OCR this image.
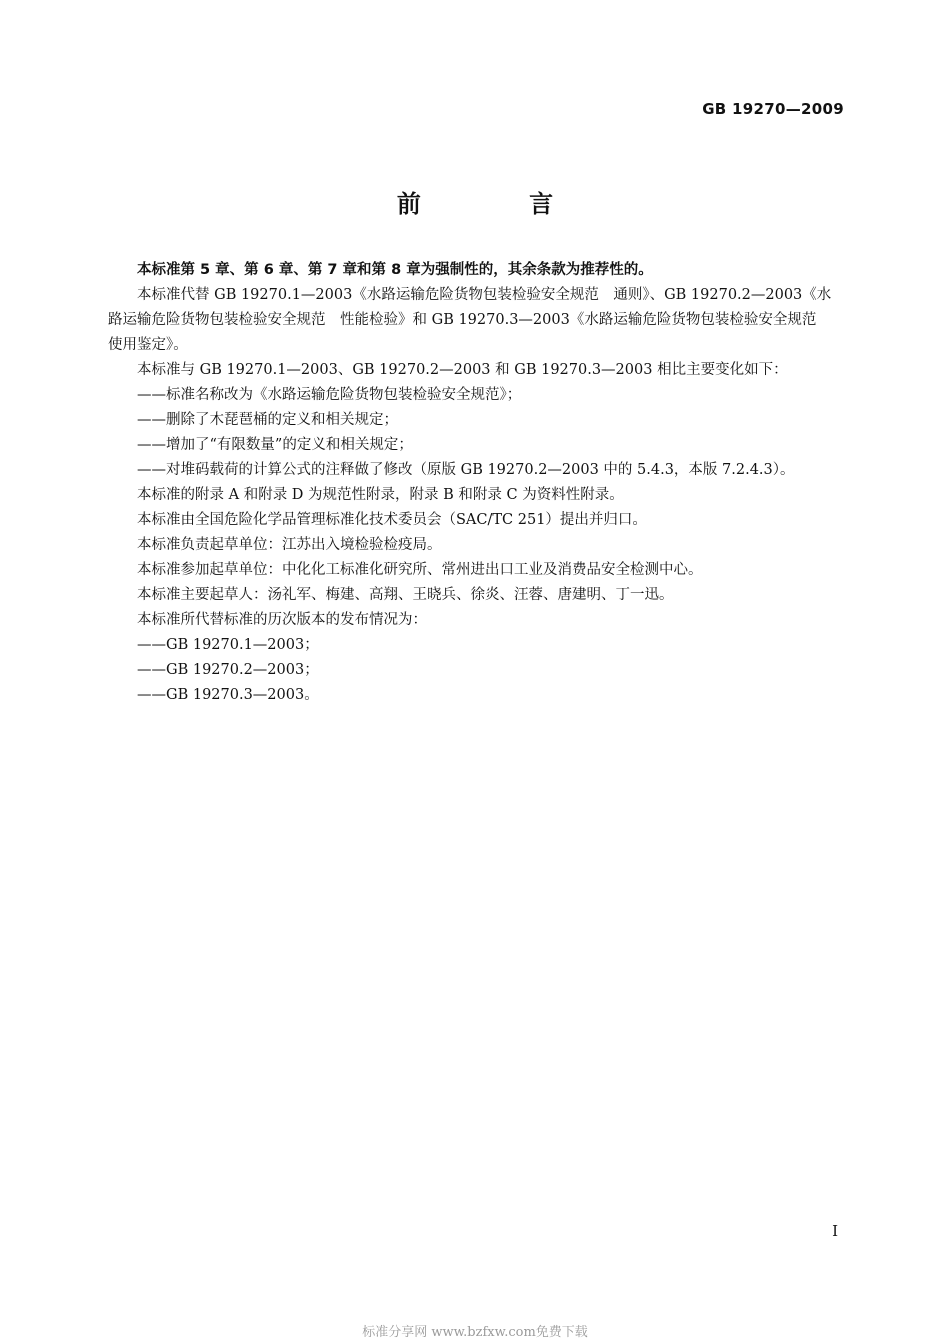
GB 19270—2009
前 言

本标准第 5 章、第 6 章、第 7 章和第 8 章为强制性的，其余条款为推荐性的。

本标准代替 GB 19270.1—2003《水路运输危险货物包装检验安全规范　通则》、GB 19270.2—2003《水路运输危险货物包装检验安全规范　性能检验》和 GB 19270.3—2003《水路运输危险货物包装检验安全规范　使用鉴定》。

本标准与 GB 19270.1—2003、GB 19270.2—2003 和 GB 19270.3—2003 相比主要变化如下：

——标准名称改为《水路运输危险货物包装检验安全规范》；

——删除了木琵琶桶的定义和相关规定；

——增加了“有限数量”的定义和相关规定；

——对堆码载荷的计算公式的注释做了修改（原版 GB 19270.2—2003 中的 5.4.3，本版 7.2.4.3）。

本标准的附录 A 和附录 D 为规范性附录，附录 B 和附录 C 为资料性附录。

本标准由全国危险化学品管理标准化技术委员会（SAC/TC 251）提出并归口。

本标准负责起草单位：江苏出入境检验检疫局。

本标准参加起草单位：中化化工标准化研究所、常州进出口工业及消费品安全检测中心。

本标准主要起草人：汤礼军、梅建、高翔、王晓兵、徐炎、汪蓉、唐建明、丁一迅。

本标准所代替标准的历次版本的发布情况为：

——GB 19270.1—2003；

——GB 19270.2—2003；

——GB 19270.3—2003。

I
标准分享网 www.bzfxw.com免费下载
